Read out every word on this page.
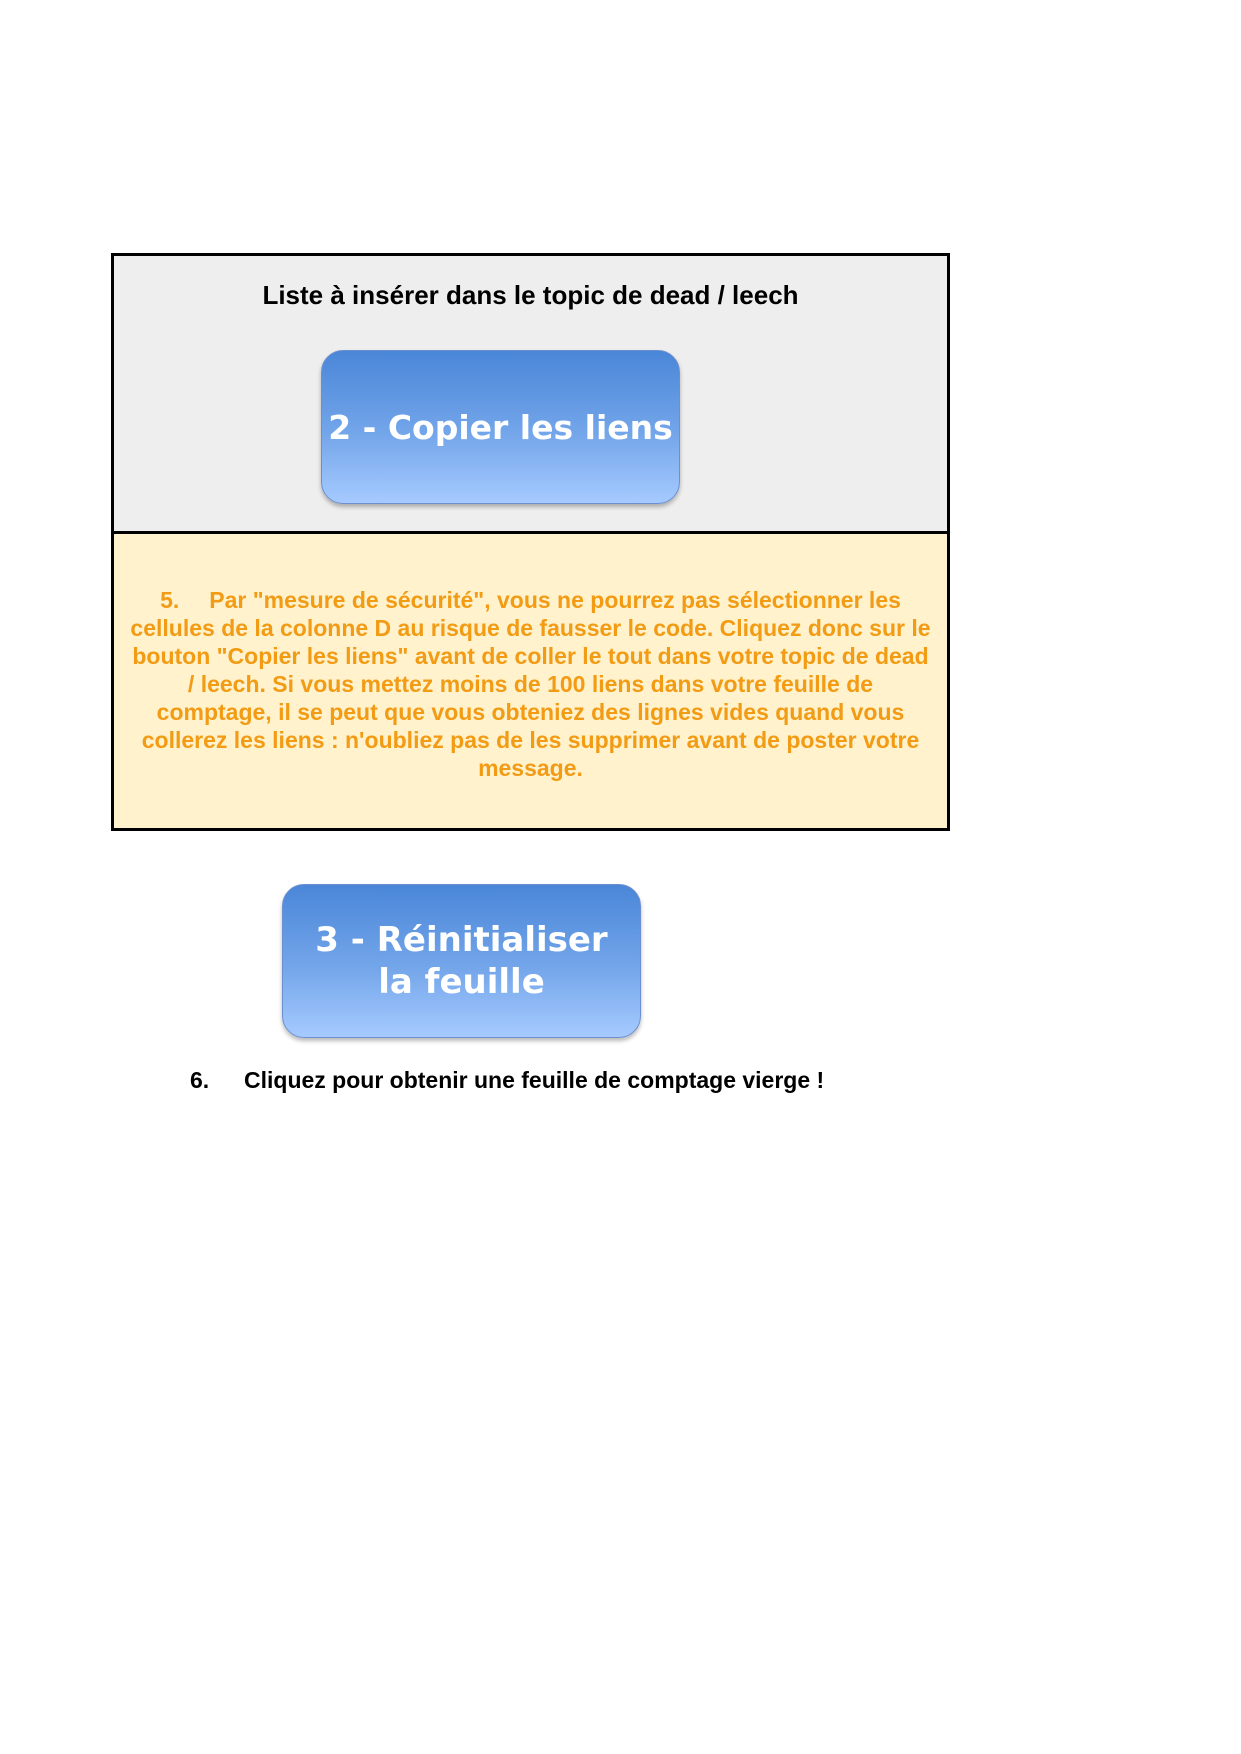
Liste à insérer dans le topic de dead / leech
2 - Copier les liens
5. Par "mesure de sécurité", vous ne pourrez pas sélectionner les cellules de la colonne D au risque de fausser le code. Cliquez donc sur le bouton "Copier les liens" avant de coller le tout dans votre topic de dead / leech. Si vous mettez moins de 100 liens dans votre feuille de comptage, il se peut que vous obteniez des lignes vides quand vous collerez les liens : n'oubliez pas de les supprimer avant de poster votre message.
3 - Réinitialiser la feuille
6. Cliquez pour obtenir une feuille de comptage vierge !
